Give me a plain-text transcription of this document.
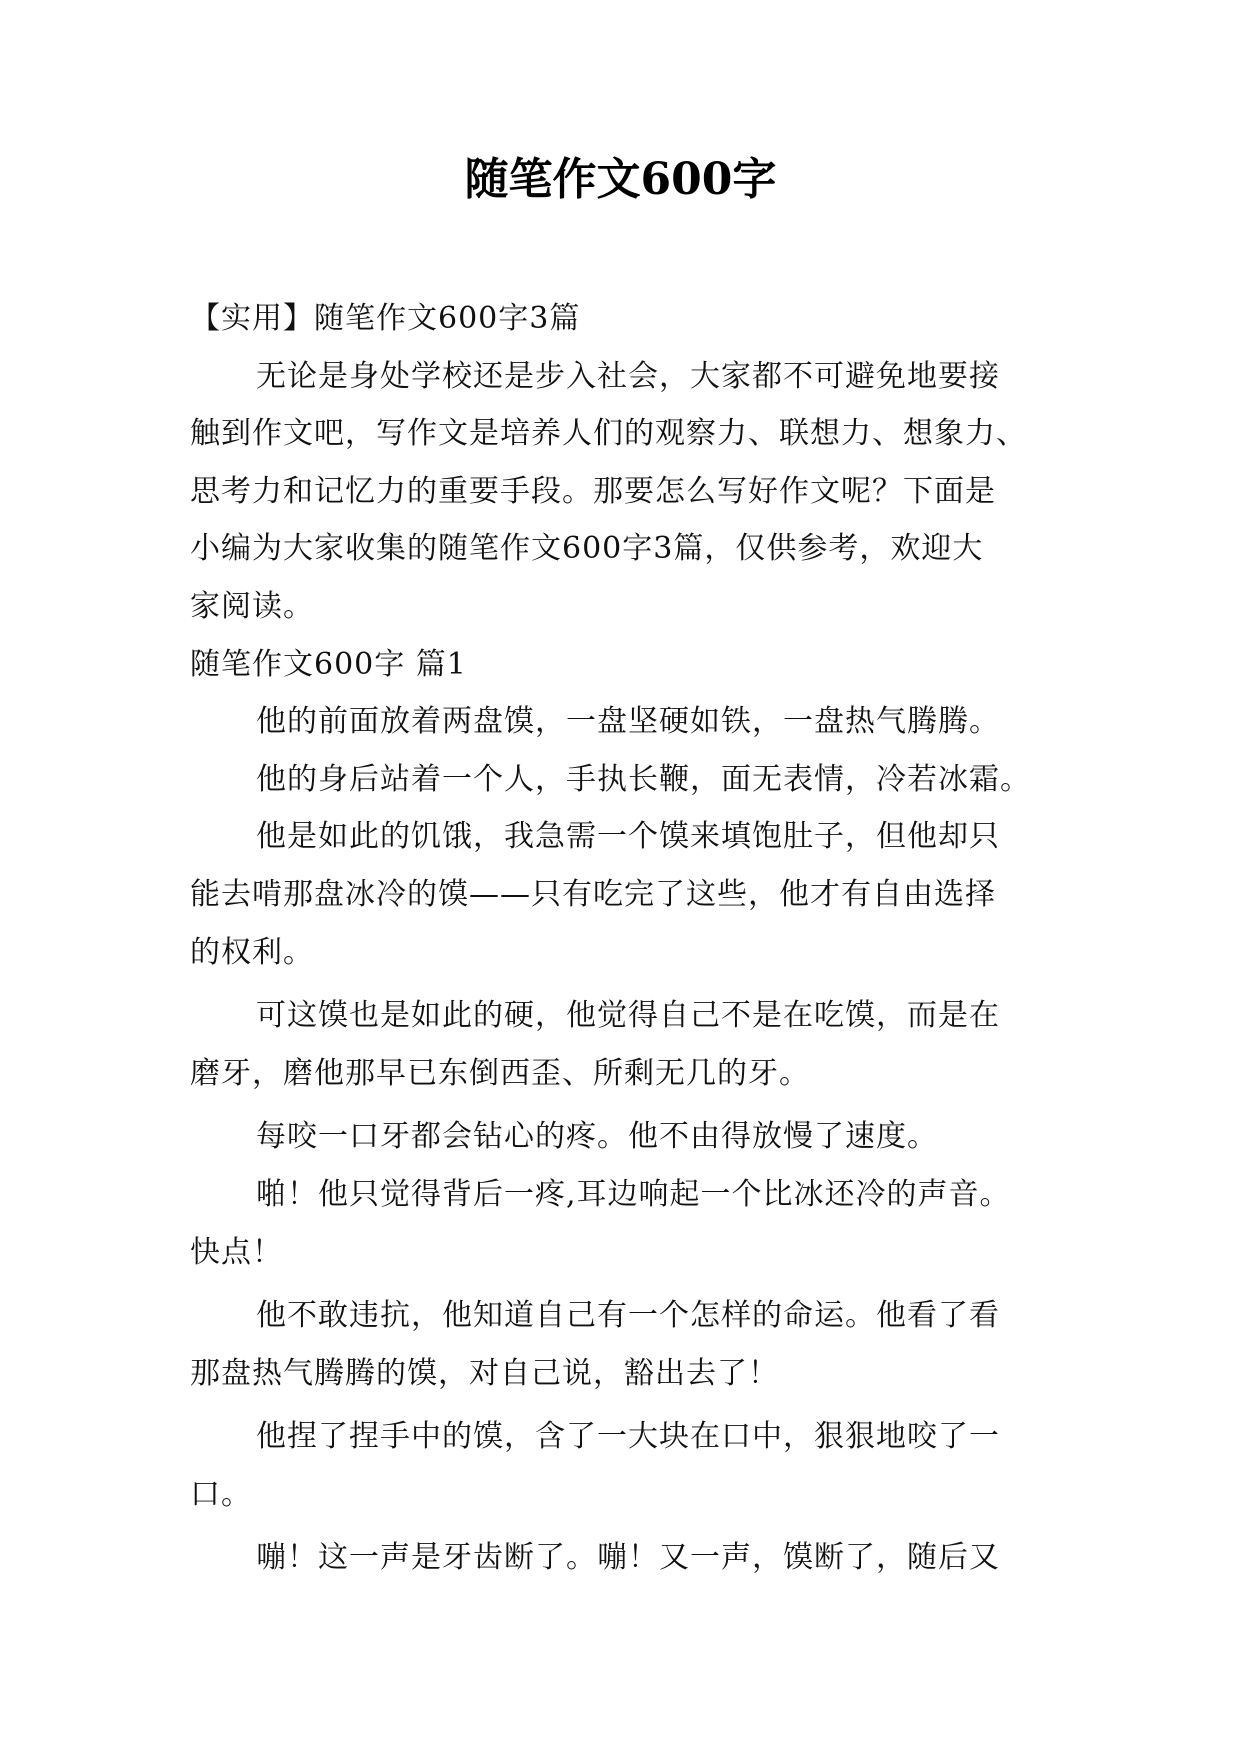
随笔作文600字

【实用】随笔作文600字3篇

无论是身处学校还是步入社会，大家都不可避免地要接

触到作文吧，写作文是培养人们的观察力、联想力、想象力、

思考力和记忆力的重要手段。那要怎么写好作文呢？下面是

小编为大家收集的随笔作文600字3篇，仅供参考，欢迎大

家阅读。

随笔作文600字 篇1

他的前面放着两盘馍，一盘坚硬如铁，一盘热气腾腾。

他的身后站着一个人，手执长鞭，面无表情，冷若冰霜。

他是如此的饥饿，我急需一个馍来填饱肚子，但他却只

能去啃那盘冰冷的馍——只有吃完了这些，他才有自由选择

的权利。

可这馍也是如此的硬，他觉得自己不是在吃馍，而是在

磨牙，磨他那早已东倒西歪、所剩无几的牙。

每咬一口牙都会钻心的疼。他不由得放慢了速度。

啪！他只觉得背后一疼,耳边响起一个比冰还冷的声音。

快点！

他不敢违抗，他知道自己有一个怎样的命运。他看了看

那盘热气腾腾的馍，对自己说，豁出去了！

他捏了捏手中的馍，含了一大块在口中，狠狠地咬了一

口。

嘣！这一声是牙齿断了。嘣！又一声，馍断了，随后又
